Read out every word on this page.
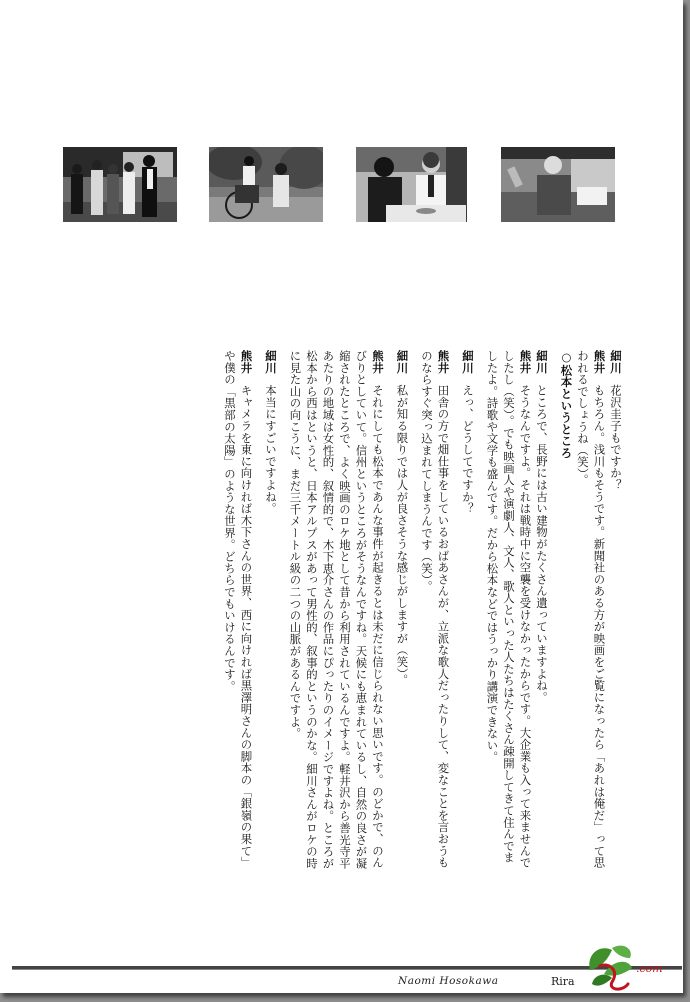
細川花沢圭子もですか？

熊井もちろん。浅川もそうです。新聞社のある方が映画をご覧になったら「あれは俺だ」って思われるでしょうね（笑）。

○松本というところ

細川ところで、長野には古い建物がたくさん遺っていますよね。

熊井そうなんですよ。それは戦時中に空襲を受けなかったからです。大企業も入って来ませんでしたし（笑）。でも映画人や演劇人、文人、歌人といった人たちはたくさん疎開してきて住んでましたよ。詩歌や文学も盛んです。だから松本などではうっかり講演できない。

細川えっ、どうしてですか？

熊井田舎の方で畑仕事をしているおばあさんが、立派な歌人だったりして、変なことを言おうものならすぐ突っ込まれてしまうんです（笑）。

細川私が知る限りでは人が良さそうな感じがしますが（笑）。

熊井それにしても松本であんな事件が起きるとは未だに信じられない思いです。のどかで、のんびりとしていて。信州というところがそうなんですね。天候にも恵まれているし、自然の良さが凝縮されたところで、よく映画のロケ地として昔から利用されているんですよ。軽井沢から善光寺平あたりの地域は女性的、叙情的で、木下恵介さんの作品にぴったりのイメージですよね。ところが松本から西はというと、日本アルプスがあって男性的、叙事的というのかな。細川さんがロケの時に見た山の向こうに、まだ三千メートル級の二つの山脈があるんですよ。

細川本当にすごいですよね。

熊井キャメラを東に向ければ木下さんの世界、西に向ければ黒澤明さんの脚本の「銀嶺の果て」や僕の「黒部の太陽」のような世界。どちらでもいけるんです。

Naomi Hosokawa	Rira
.com
